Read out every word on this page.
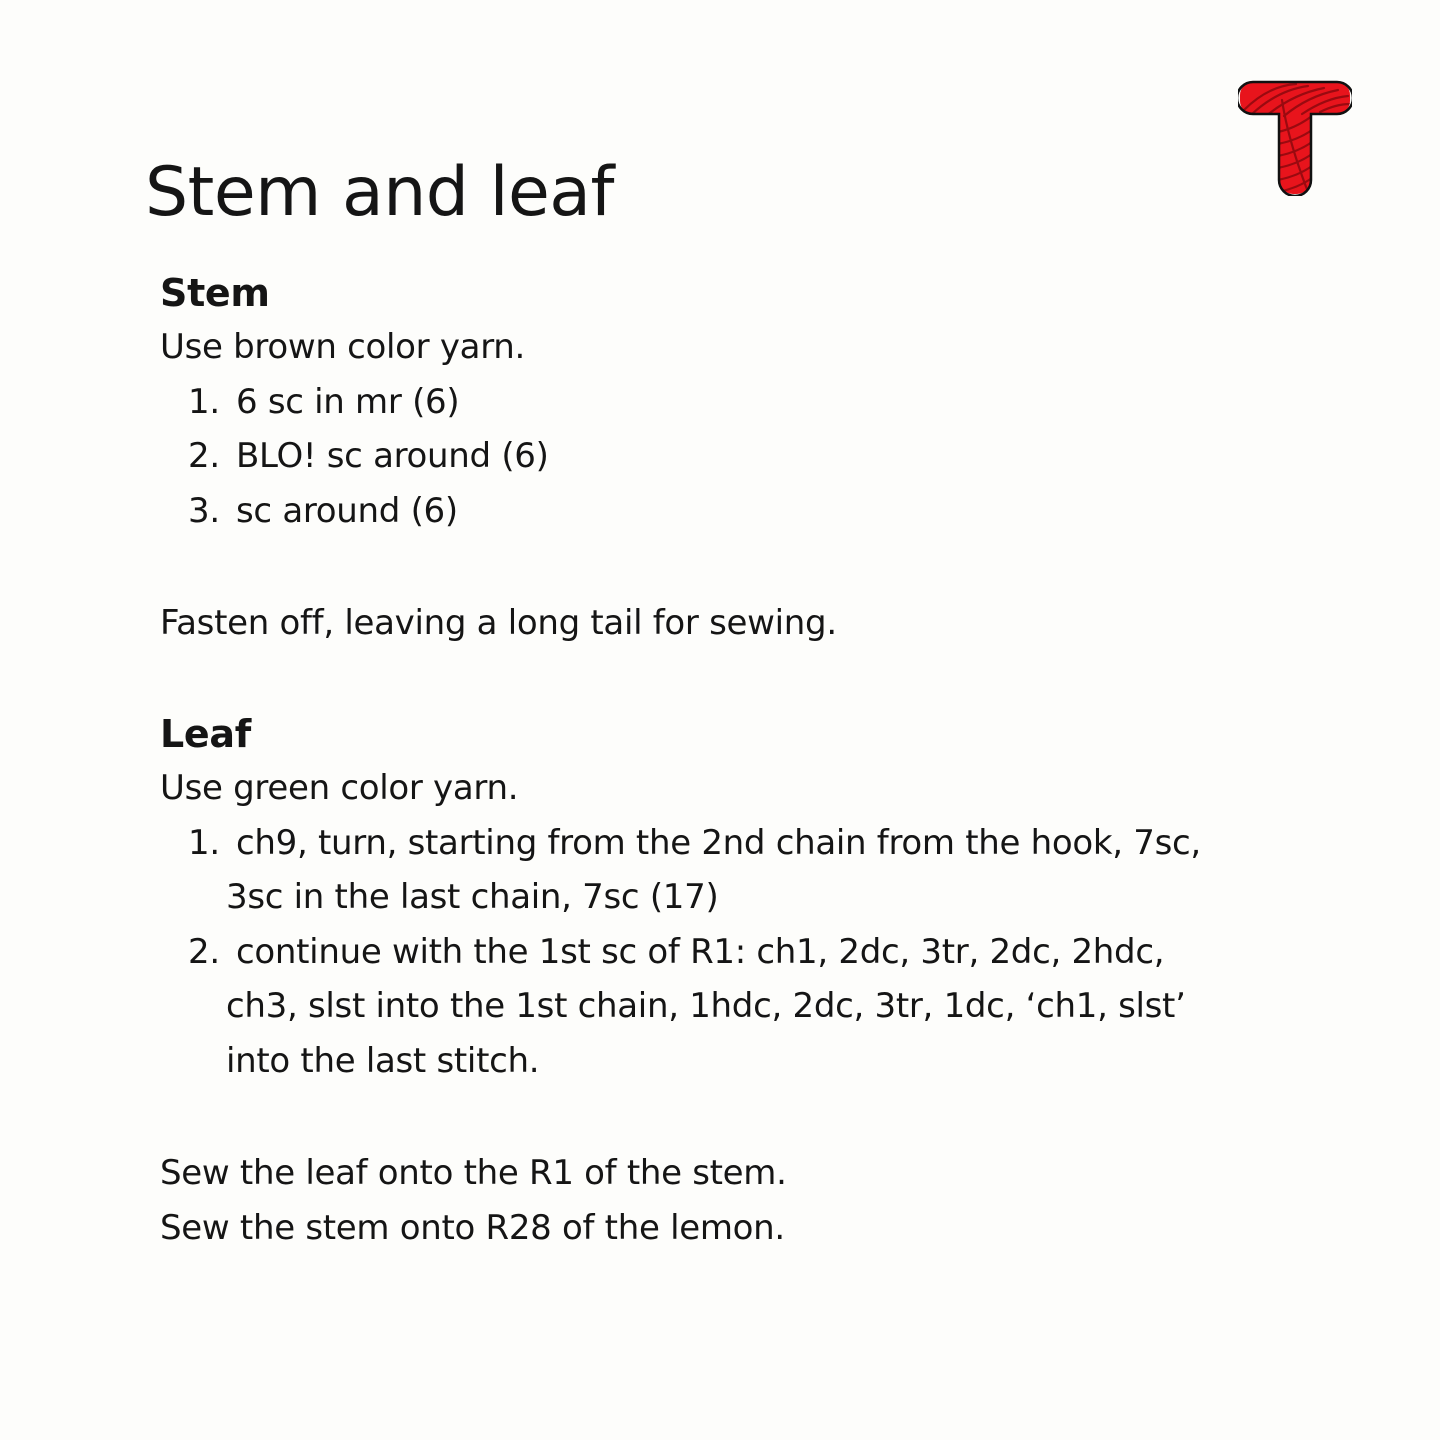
Stem and leaf
Stem

Use brown color yarn.

1. 6 sc in mr (6)
2. BLO! sc around (6)
3. sc around (6)

Fasten off, leaving a long tail for sewing.

Leaf

Use green color yarn.

1. ch9, turn, starting from the 2nd chain from the hook, 7sc,
3sc in the last chain, 7sc (17)
2. continue with the 1st sc of R1: ch1, 2dc, 3tr, 2dc, 2hdc,
ch3, slst into the 1st chain, 1hdc, 2dc, 3tr, 1dc, ‘ch1, slst’
into the last stitch.

Sew the leaf onto the R1 of the stem.

Sew the stem onto R28 of the lemon.
